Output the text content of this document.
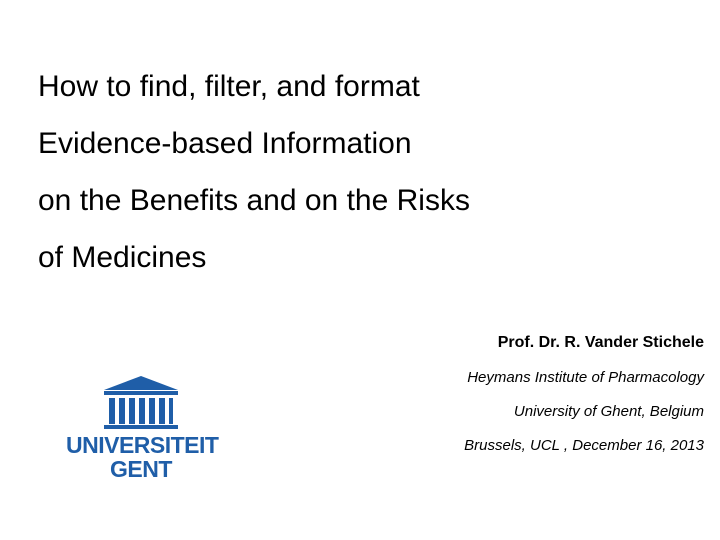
How to find, filter, and format
Evidence-based Information
on the Benefits and on the Risks
of Medicines
UNIVERSITEIT
GENT
Prof. Dr. R. Vander Stichele
Heymans Institute of Pharmacology
University of Ghent, Belgium
Brussels, UCL , December 16, 2013
